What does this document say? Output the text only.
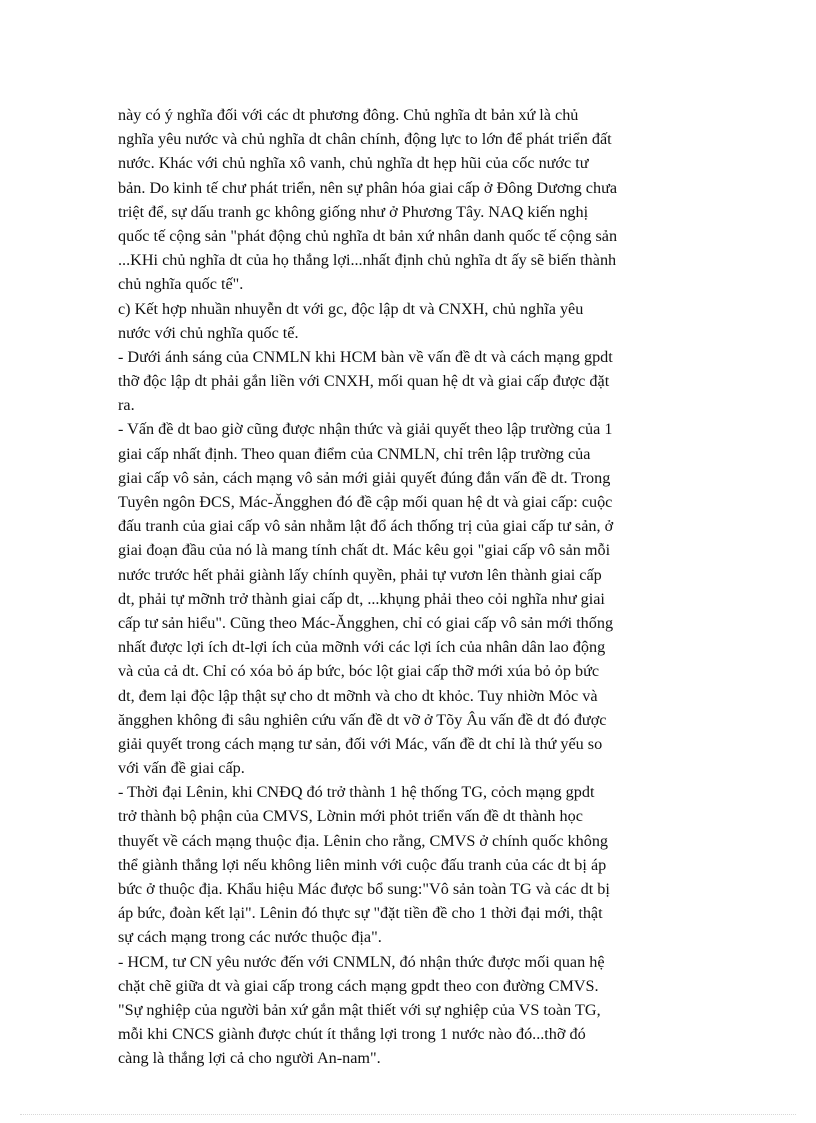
này có ý nghĩa đối với các dt phương đông. Chủ nghĩa dt bản xứ là chủ
nghĩa yêu nước và chủ nghĩa dt chân chính, động lực to lớn để phát triển đất
nước. Khác với chủ nghĩa xô vanh, chủ nghĩa dt hẹp hũi của cốc nước tư
bản. Do kinh tế chư phát triển, nên sự phân hóa giai cấp ở Đông Dương chưa
triệt để, sự dấu tranh gc không giống như ở Phương Tây. NAQ kiến nghị
quốc tế cộng sản "phát động chủ nghĩa dt bản xứ nhân danh quốc tế cộng sản
...KHi chủ nghĩa dt của họ thắng lợi...nhất định chủ nghĩa dt ấy sẽ biến thành
chủ nghĩa quốc tế".
c) Kết hợp nhuần nhuyễn dt với gc, độc lập dt và CNXH, chủ nghĩa yêu
nước với chủ nghĩa quốc tế.
- Dưới ánh sáng của CNMLN khi HCM bàn về vấn đề dt và cách mạng gpdt
thỡ độc lập dt phải gắn liền với CNXH, mối quan hệ dt và giai cấp được đặt
ra.
- Vấn đề dt bao giờ cũng được nhận thức và giải quyết theo lập trường của 1
giai cấp nhất định. Theo quan điểm của CNMLN, chỉ trên lập trường của
giai cấp vô sản, cách mạng vô sản mới giải quyết đúng đắn vấn đề dt. Trong
Tuyên ngôn ĐCS, Mác-Ăngghen đó đề cập mối quan hệ dt và giai cấp: cuộc
đấu tranh của giai cấp vô sản nhằm lật đổ ách thống trị của giai cấp tư sản, ở
giai đoạn đầu của nó là mang tính chất dt. Mác kêu gọi "giai cấp vô sản mỗi
nước trước hết phải giành lấy chính quyền, phải tự vươn lên thành giai cấp
dt, phải tự mỡnh trở thành giai cấp dt, ...khụng phải theo cỏi nghĩa như giai
cấp tư sản hiểu". Cũng theo Mác-Ăngghen, chỉ có giai cấp vô sản mới thống
nhất được lợi ích dt-lợi ích của mỡnh với các lợi ích của nhân dân lao động
và của cả dt. Chỉ có xóa bỏ áp bức, bóc lột giai cấp thỡ mới xúa bỏ ỏp bức
dt, đem lại độc lập thật sự cho dt mỡnh và cho dt khỏc. Tuy nhiờn Mỏc và
ăngghen không đi sâu nghiên cứu vấn đề dt vỡ ở Tõy Âu vấn đề dt đó được
giải quyết trong cách mạng tư sản, đối với Mác, vấn đề dt chỉ là thứ yếu so
với vấn đề giai cấp.
- Thời đại Lênin, khi CNĐQ đó trở thành 1 hệ thống TG, cỏch mạng gpdt
trở thành bộ phận của CMVS, Lờnin mới phỏt triển vấn đề dt thành học
thuyết về cách mạng thuộc địa. Lênin cho rằng, CMVS ở chính quốc không
thể giành thắng lợi nếu không liên minh với cuộc đấu tranh của các dt bị áp
bức ở thuộc địa. Khẩu hiệu Mác được bổ sung:"Vô sản toàn TG và các dt bị
áp bức, đoàn kết lại". Lênin đó thực sự "đặt tiền đề cho 1 thời đại mới, thật
sự cách mạng trong các nước thuộc địa".
- HCM, tư CN yêu nước đến với CNMLN, đó nhận thức được mối quan hệ
chặt chẽ giữa dt và giai cấp trong cách mạng gpdt theo con đường CMVS.
"Sự nghiệp của người bản xứ gắn mật thiết với sự nghiệp của VS toàn TG,
mỗi khi CNCS giành được chút ít thắng lợi trong 1 nước nào đó...thỡ đó
càng là thắng lợi cả cho người An-nam".
